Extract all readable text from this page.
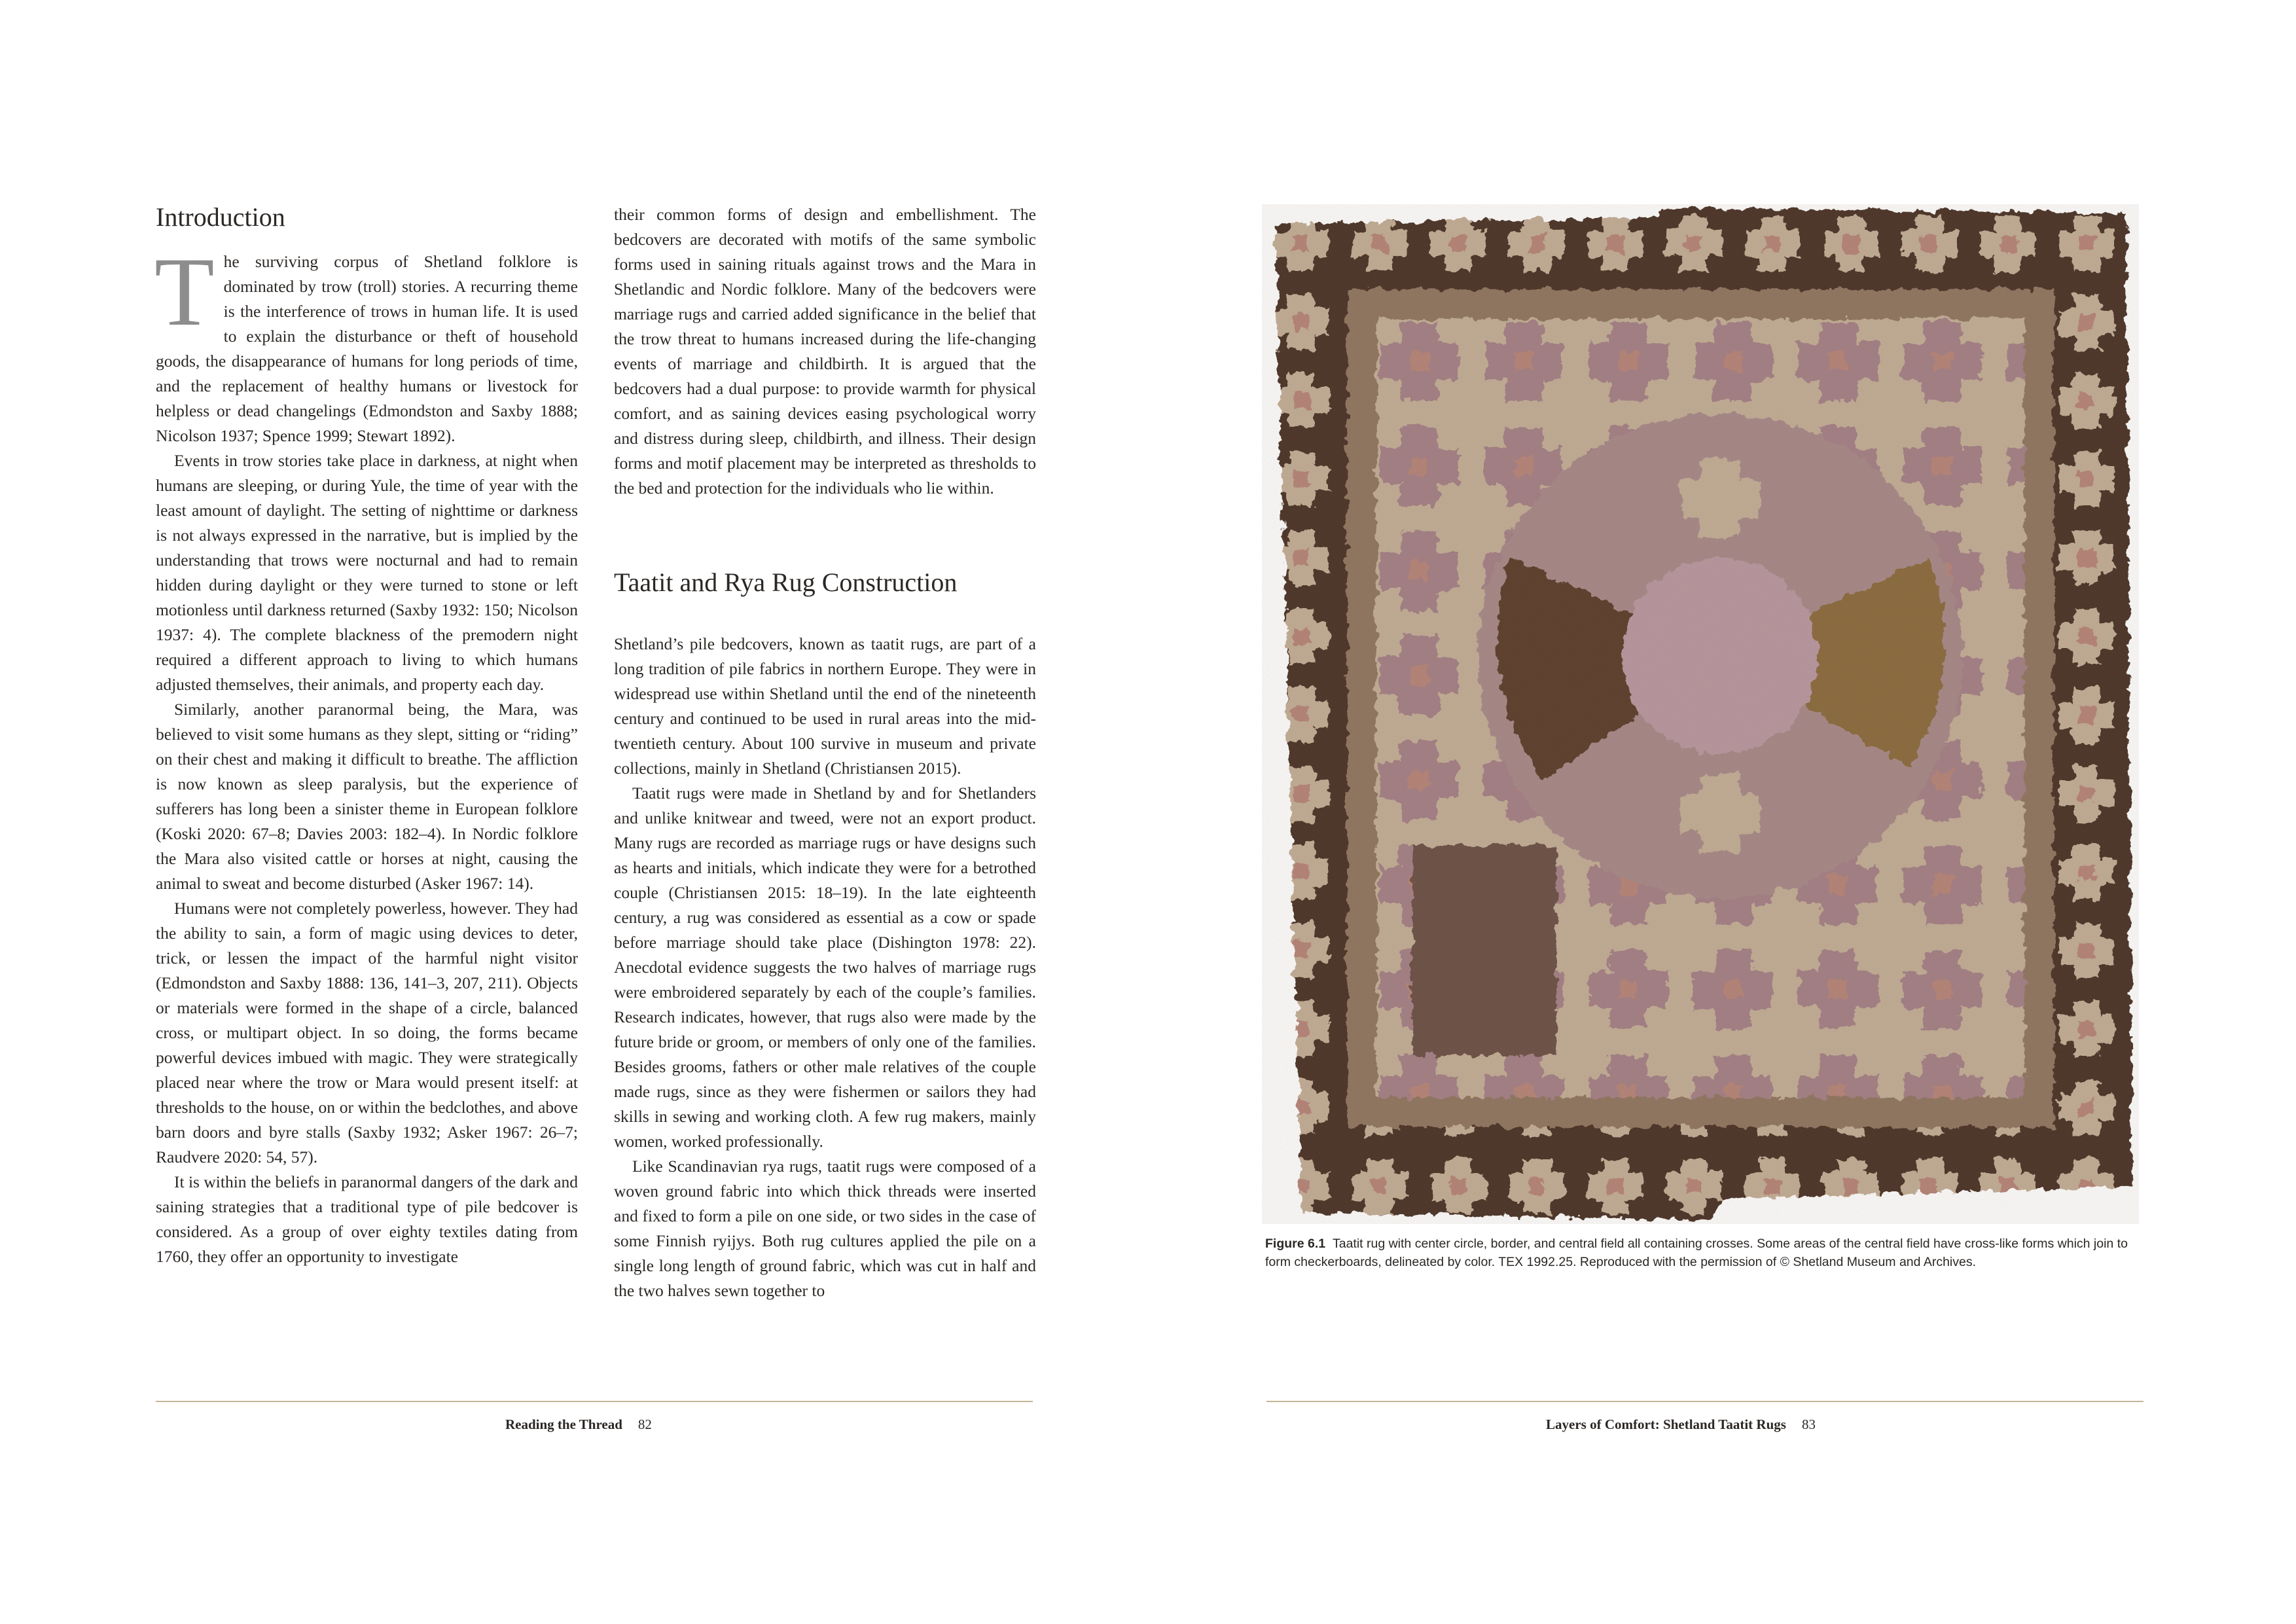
Introduction

The surviving corpus of Shetland folklore is dominated by trow (troll) stories. A recurring theme is the interference of trows in human life. It is used to explain the disturbance or theft of household goods, the disappearance of humans for long periods of time, and the replacement of healthy humans or livestock for helpless or dead changelings (Edmondston and Saxby 1888; Nicolson 1937; Spence 1999; Stewart 1892).

Events in trow stories take place in darkness, at night when humans are sleeping, or during Yule, the time of year with the least amount of daylight. The setting of nighttime or darkness is not always expressed in the narrative, but is implied by the understanding that trows were nocturnal and had to remain hidden during daylight or they were turned to stone or left motionless until darkness returned (Saxby 1932: 150; Nicolson 1937: 4). The complete blackness of the premodern night required a different approach to living to which humans adjusted themselves, their animals, and property each day.

Similarly, another paranormal being, the Mara, was believed to visit some humans as they slept, sitting or “riding” on their chest and making it difficult to breathe. The affliction is now known as sleep paralysis, but the experience of sufferers has long been a sinister theme in European folklore (Koski 2020: 67–8; Davies 2003: 182–4). In Nordic folklore the Mara also visited cattle or horses at night, causing the animal to sweat and become disturbed (Asker 1967: 14).

Humans were not completely powerless, however. They had the ability to sain, a form of magic using devices to deter, trick, or lessen the impact of the harmful night visitor (Edmondston and Saxby 1888: 136, 141–3, 207, 211). Objects or materials were formed in the shape of a circle, balanced cross, or multipart object. In so doing, the forms became powerful devices imbued with magic. They were strategically placed near where the trow or Mara would present itself: at thresholds to the house, on or within the bedclothes, and above barn doors and byre stalls (Saxby 1932; Asker 1967: 26–7; Raudvere 2020: 54, 57).

It is within the beliefs in paranormal dangers of the dark and saining strategies that a traditional type of pile bedcover is considered. As a group of over eighty textiles dating from 1760, they offer an opportunity to investigate

their common forms of design and embellishment. The bedcovers are decorated with motifs of the same symbolic forms used in saining rituals against trows and the Mara in Shetlandic and Nordic folklore. Many of the bedcovers were marriage rugs and carried added significance in the belief that the trow threat to humans increased during the life-changing events of marriage and childbirth. It is argued that the bedcovers had a dual purpose: to provide warmth for physical comfort, and as saining devices easing psychological worry and distress during sleep, childbirth, and illness. Their design forms and motif placement may be interpreted as thresholds to the bed and protection for the individuals who lie within.

Shetland’s pile bedcovers, known as taatit rugs, are part of a long tradition of pile fabrics in northern Europe. They were in widespread use within Shetland until the end of the nineteenth century and continued to be used in rural areas into the mid-twentieth century. About 100 survive in museum and private collections, mainly in Shetland (Christiansen 2015).

Taatit rugs were made in Shetland by and for Shetlanders and unlike knitwear and tweed, were not an export product. Many rugs are recorded as marriage rugs or have designs such as hearts and initials, which indicate they were for a betrothed couple (Christiansen 2015: 18–19). In the late eighteenth century, a rug was considered as essential as a cow or spade before marriage should take place (Dishington 1978: 22). Anecdotal evidence suggests the two halves of marriage rugs were embroidered separately by each of the couple’s families. Research indicates, however, that rugs also were made by the future bride or groom, or members of only one of the families. Besides grooms, fathers or other male relatives of the couple made rugs, since as they were fishermen or sailors they had skills in sewing and working cloth. A few rug makers, mainly women, worked professionally.

Like Scandinavian rya rugs, taatit rugs were composed of a woven ground fabric into which thick threads were inserted and fixed to form a pile on one side, or two sides in the case of some Finnish ryijys. Both rug cultures applied the pile on a single long length of ground fabric, which was cut in half and the two halves sewn together to

Taatit and Rya Rug Construction
Reading the Thread 82
Figure 6.1 Taatit rug with center circle, border, and central field all containing crosses. Some areas of the central field have cross-like forms which join to form checkerboards, delineated by color. TEX 1992.25. Reproduced with the permission of © Shetland Museum and Archives.
Layers of Comfort: Shetland Taatit Rugs 83
